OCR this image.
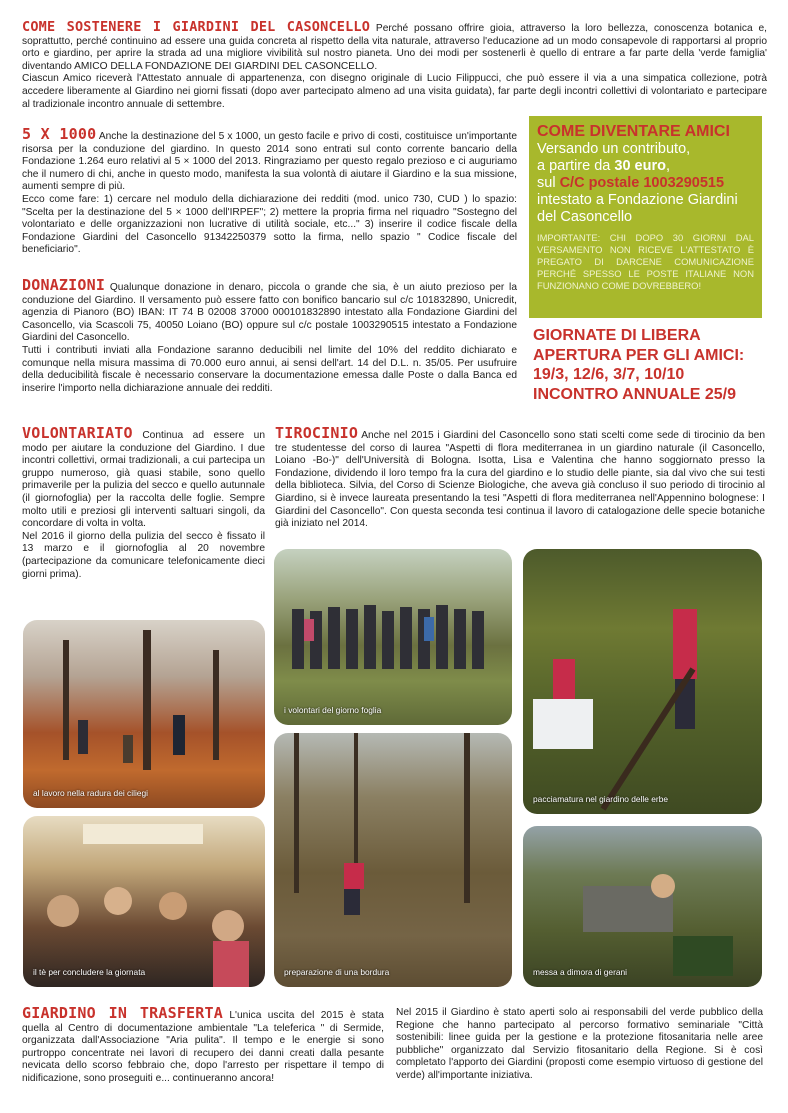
COME SOSTENERE I GIARDINI DEL CASONCELLO Perché possano offrire gioia, attraverso la loro bellezza, conoscenza botanica e, soprattutto, perché continuino ad essere una guida concreta al rispetto della vita naturale, attraverso l'educazione ad un modo consapevole di rapportarsi al proprio orto e giardino, per aprire la strada ad una migliore vivibilità sul nostro pianeta. Uno dei modi per sostenerli è quello di entrare a far parte della 'verde famiglia' diventando AMICO DELLA FONDAZIONE DEI GIARDINI DEL CASONCELLO.
Ciascun Amico riceverà l'Attestato annuale di appartenenza, con disegno originale di Lucio Filippucci, che può essere il via a una simpatica collezione, potrà accedere liberamente al Giardino nei giorni fissati (dopo aver partecipato almeno ad una visita guidata), far parte degli incontri collettivi di volontariato e partecipare al tradizionale incontro annuale di settembre.
5 X 1000 Anche la destinazione del 5 x 1000, un gesto facile e privo di costi, costituisce un'importante risorsa per la conduzione del giardino. In questo 2014 sono entrati sul conto corrente bancario della Fondazione 1.264 euro relativi al 5 × 1000 del 2013. Ringraziamo per questo regalo prezioso e ci auguriamo che il numero di chi, anche in questo modo, manifesta la sua volontà di aiutare il Giardino e la sua missione, aumenti sempre di più.
Ecco come fare: 1) cercare nel modulo della dichiarazione dei redditi (mod. unico 730, CUD ) lo spazio: "Scelta per la destinazione del 5 × 1000 dell'IRPEF"; 2) mettere la propria firma nel riquadro "Sostegno del volontariato e delle organizzazioni non lucrative di utilità sociale, etc..." 3) inserire il codice fiscale della Fondazione Giardini del Casoncello 91342250379 sotto la firma, nello spazio " Codice fiscale del beneficiario".
DONAZIONI Qualunque donazione in denaro, piccola o grande che sia, è un aiuto prezioso per la conduzione del Giardino. Il versamento può essere fatto con bonifico bancario sul c/c 101832890, Unicredit, agenzia di Pianoro (BO) IBAN: IT 74 B 02008 37000 000101832890 intestato alla Fondazione Giardini del Casoncello, via Scascoli 75, 40050 Loiano (BO) oppure sul c/c postale 1003290515 intestato a Fondazione Giardini del Casoncello.
Tutti i contributi inviati alla Fondazione saranno deducibili nel limite del 10% del reddito dichiarato e comunque nella misura massima di 70.000 euro annui, ai sensi dell'art. 14 del D.L. n. 35/05. Per usufruire della deducibilità fiscale è necessario conservare la documentazione emessa dalle Poste o dalla Banca ed inserire l'importo nella dichiarazione annuale dei redditi.
COME DIVENTARE AMICI
Versando un contributo,
a partire da 30 euro,
sul C/C postale 1003290515
intestato a Fondazione Giardini del Casoncello
IMPORTANTE: CHI DOPO 30 GIORNI DAL VERSAMENTO NON RICEVE L'ATTESTATO È PREGATO DI DARCENE COMUNICAZIONE PERCHÉ SPESSO LE POSTE ITALIANE NON FUNZIONANO COME DOVREBBERO!
GIORNATE DI LIBERA
APERTURA PER GLI AMICI:
19/3, 12/6, 3/7, 10/10
INCONTRO ANNUALE 25/9
VOLONTARIATO Continua ad essere un modo per aiutare la conduzione del Giardino. I due incontri collettivi, ormai tradizionali, a cui partecipa un gruppo numeroso, già quasi stabile, sono quello primaverile per la pulizia del secco e quello autunnale (il giornofoglia) per la raccolta delle foglie. Sempre molto utili e preziosi gli interventi saltuari singoli, da concordare di volta in volta.
Nel 2016 il giorno della pulizia del secco è fissato il 13 marzo e il giornofoglia al 20 novembre (partecipazione da comunicare telefonicamente dieci giorni prima).
TIROCINIO Anche nel 2015 i Giardini del Casoncello sono stati scelti come sede di tirocinio da ben tre studentesse del corso di laurea "Aspetti di flora mediterranea in un giardino naturale (il Casoncello, Loiano -Bo-)" dell'Università di Bologna. Isotta, Lisa e Valentina che hanno soggiornato presso la Fondazione, dividendo il loro tempo fra la cura del giardino e lo studio delle piante, sia dal vivo che sui testi della biblioteca. Silvia, del Corso di Scienze Biologiche, che aveva già concluso il suo periodo di tirocinio al Giardino, si è invece laureata presentando la tesi "Aspetti di flora mediterranea nell'Appennino bolognese: I Giardini del Casoncello". Con questa seconda tesi continua il lavoro di catalogazione delle specie botaniche già iniziato nel 2014.
al lavoro nella radura dei ciliegi
i volontari del giorno foglia
pacciamatura nel giardino delle erbe
il tè per concludere la giornata	preparazione di una bordura	messa a dimora di gerani
GIARDINO IN TRASFERTA L'unica uscita del 2015 è stata quella al Centro di documentazione ambientale "La teleferica " di Sermide, organizzata dall'Associazione "Aria pulita". Il tempo e le energie si sono purtroppo concentrate nei lavori di recupero dei danni creati dalla pesante nevicata dello scorso febbraio che, dopo l'arresto per rispettare il tempo di nidificazione, sono proseguiti e... continueranno ancora!
Nel 2015 il Giardino è stato aperti solo ai responsabili del verde pubblico della Regione che hanno partecipato al percorso formativo seminariale "Città sostenibili: linee guida per la gestione e la protezione fitosanitaria nelle aree pubbliche" organizzato dal Servizio fitosanitario della Regione. Si è così completato l'apporto dei Giardini (proposti come esempio virtuoso di gestione del verde) all'importante iniziativa.
